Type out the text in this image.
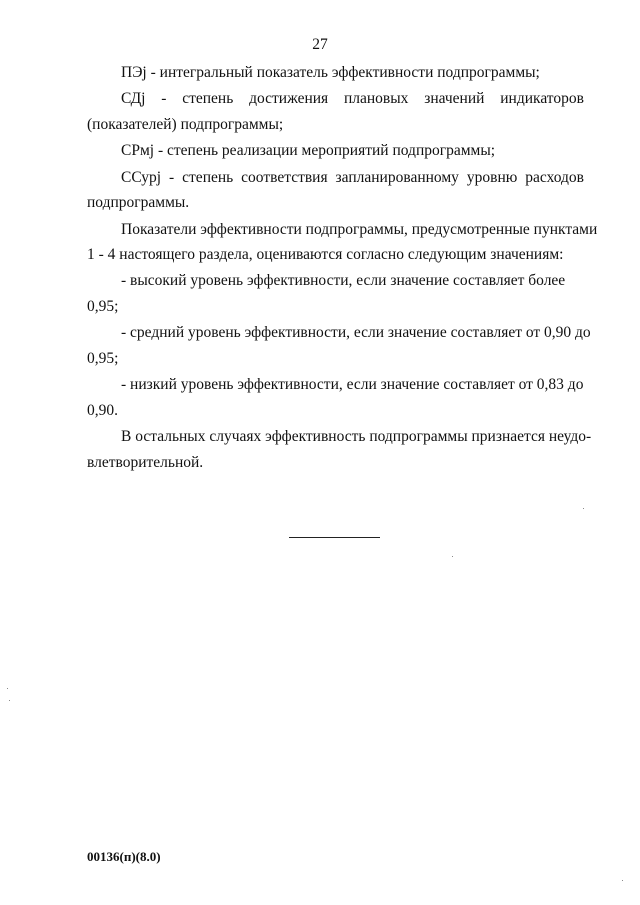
27
ПЭj - интегральный показатель эффективности подпрограммы;
СДj - степень достижения плановых значений индикаторов
(показателей) подпрограммы;
СРмj - степень реализации мероприятий подпрограммы;
ССуpj - степень соответствия запланированному уровню расходов
подпрограммы.
Показатели эффективности подпрограммы, предусмотренные пунктами
1 - 4 настоящего раздела, оцениваются согласно следующим значениям:
- высокий уровень эффективности, если значение составляет более
0,95;
- средний уровень эффективности, если значение составляет от 0,90 до
0,95;
- низкий уровень эффективности, если значение составляет от 0,83 до
0,90.
В остальных случаях эффективность подпрограммы признается неудо-
влетворительной.
00136(п)(8.0)
